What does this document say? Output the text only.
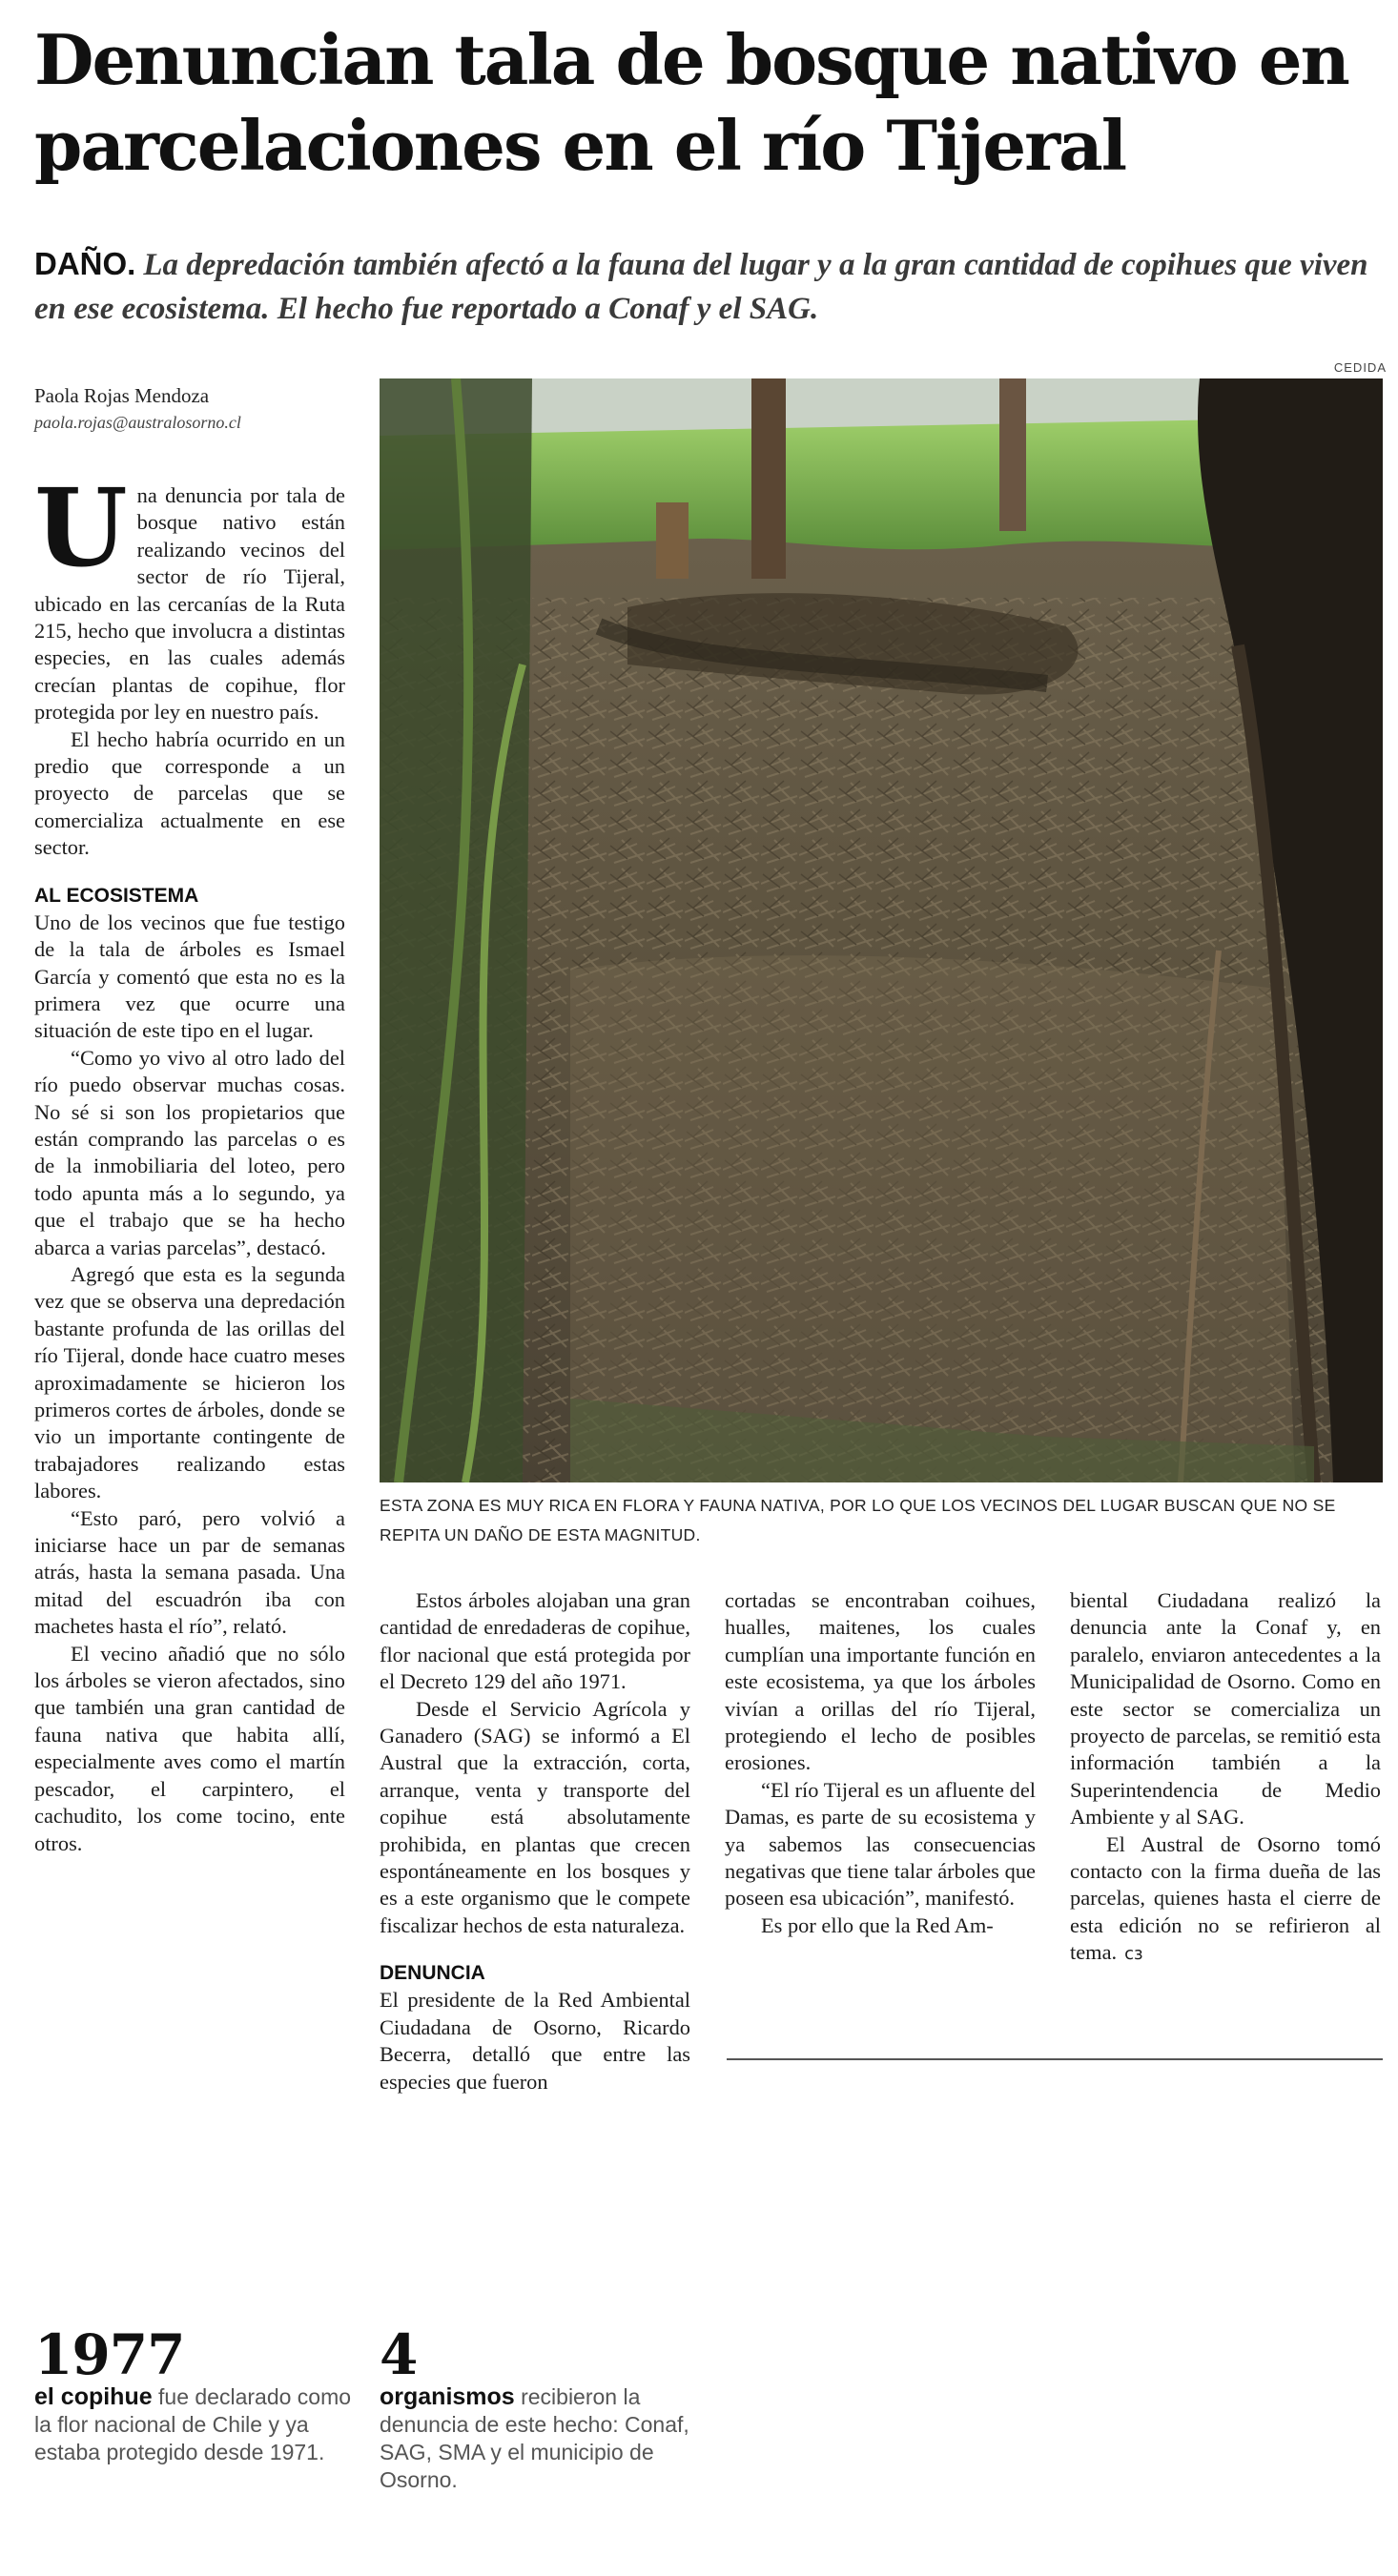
Denuncian tala de bosque nativo en parcelaciones en el río Tijeral
DAÑO. La depredación también afectó a la fauna del lugar y a la gran cantidad de copihues que viven en ese ecosistema. El hecho fue reportado a Conaf y el SAG.
CEDIDA
Paola Rojas Mendoza
paola.rojas@australosorno.cl
ESTA ZONA ES MUY RICA EN FLORA Y FAUNA NATIVA, POR LO QUE LOS VECINOS DEL LUGAR BUSCAN QUE NO SE REPITA UN DAÑO DE ESTA MAGNITUD.

Una denuncia por tala de bosque nativo están realizando vecinos del sector de río Tijeral, ubicado en las cercanías de la Ruta 215, hecho que involucra a distintas especies, en las cuales además crecían plantas de copihue, flor protegida por ley en nuestro país.

El hecho habría ocurrido en un predio que corresponde a un proyecto de parcelas que se comercializa actualmente en ese sector.

AL ECOSISTEMA

Uno de los vecinos que fue testigo de la tala de árboles es Ismael García y comentó que esta no es la primera vez que ocurre una situación de este tipo en el lugar.

“Como yo vivo al otro lado del río puedo observar muchas cosas. No sé si son los propietarios que están comprando las parcelas o es de la inmobiliaria del loteo, pero todo apunta más a lo segundo, ya que el trabajo que se ha hecho abarca a varias parcelas”, destacó.

Agregó que esta es la segunda vez que se observa una depredación bastante profunda de las orillas del río Tijeral, donde hace cuatro meses aproximadamente se hicieron los primeros cortes de árboles, donde se vio un importante contingente de trabajadores realizando estas labores.

“Esto paró, pero volvió a iniciarse hace un par de semanas atrás, hasta la semana pasada. Una mitad del escuadrón iba con machetes hasta el río”, relató.

El vecino añadió que no sólo los árboles se vieron afectados, sino que también una gran cantidad de fauna nativa que habita allí, especialmente aves como el martín pescador, el carpintero, el cachudito, los come tocino, ente otros.

Estos árboles alojaban una gran cantidad de enredaderas de copihue, flor nacional que está protegida por el Decreto 129 del año 1971.

Desde el Servicio Agrícola y Ganadero (SAG) se informó a El Austral que la extracción, corta, arranque, venta y transporte del copihue está absolutamente prohibida, en plantas que crecen espontáneamente en los bosques y es a este organismo que le compete fiscalizar hechos de esta naturaleza.

DENUNCIA

El presidente de la Red Ambiental Ciudadana de Osorno, Ricardo Becerra, detalló que entre las especies que fueron

cortadas se encontraban coihues, hualles, maitenes, los cuales cumplían una importante función en este ecosistema, ya que los árboles vivían a orillas del río Tijeral, protegiendo el lecho de posibles erosiones.

“El río Tijeral es un afluente del Damas, es parte de su ecosistema y ya sabemos las consecuencias negativas que tiene talar árboles que poseen esa ubicación”, manifestó.

Es por ello que la Red Am-

biental Ciudadana realizó la denuncia ante la Conaf y, en paralelo, enviaron antecedentes a la Municipalidad de Osorno. Como en este sector se comercializa un proyecto de parcelas, se remitió esta información también a la Superintendencia de Medio Ambiente y al SAG.

El Austral de Osorno tomó contacto con la firma dueña de las parcelas, quienes hasta el cierre de esta edición no se refirieron al tema. ᴄɜ

1977
el copihue fue declarado como la flor nacional de Chile y ya estaba protegido desde 1971.
4
organismos recibieron la denuncia de este hecho: Conaf, SAG, SMA y el municipio de Osorno.
